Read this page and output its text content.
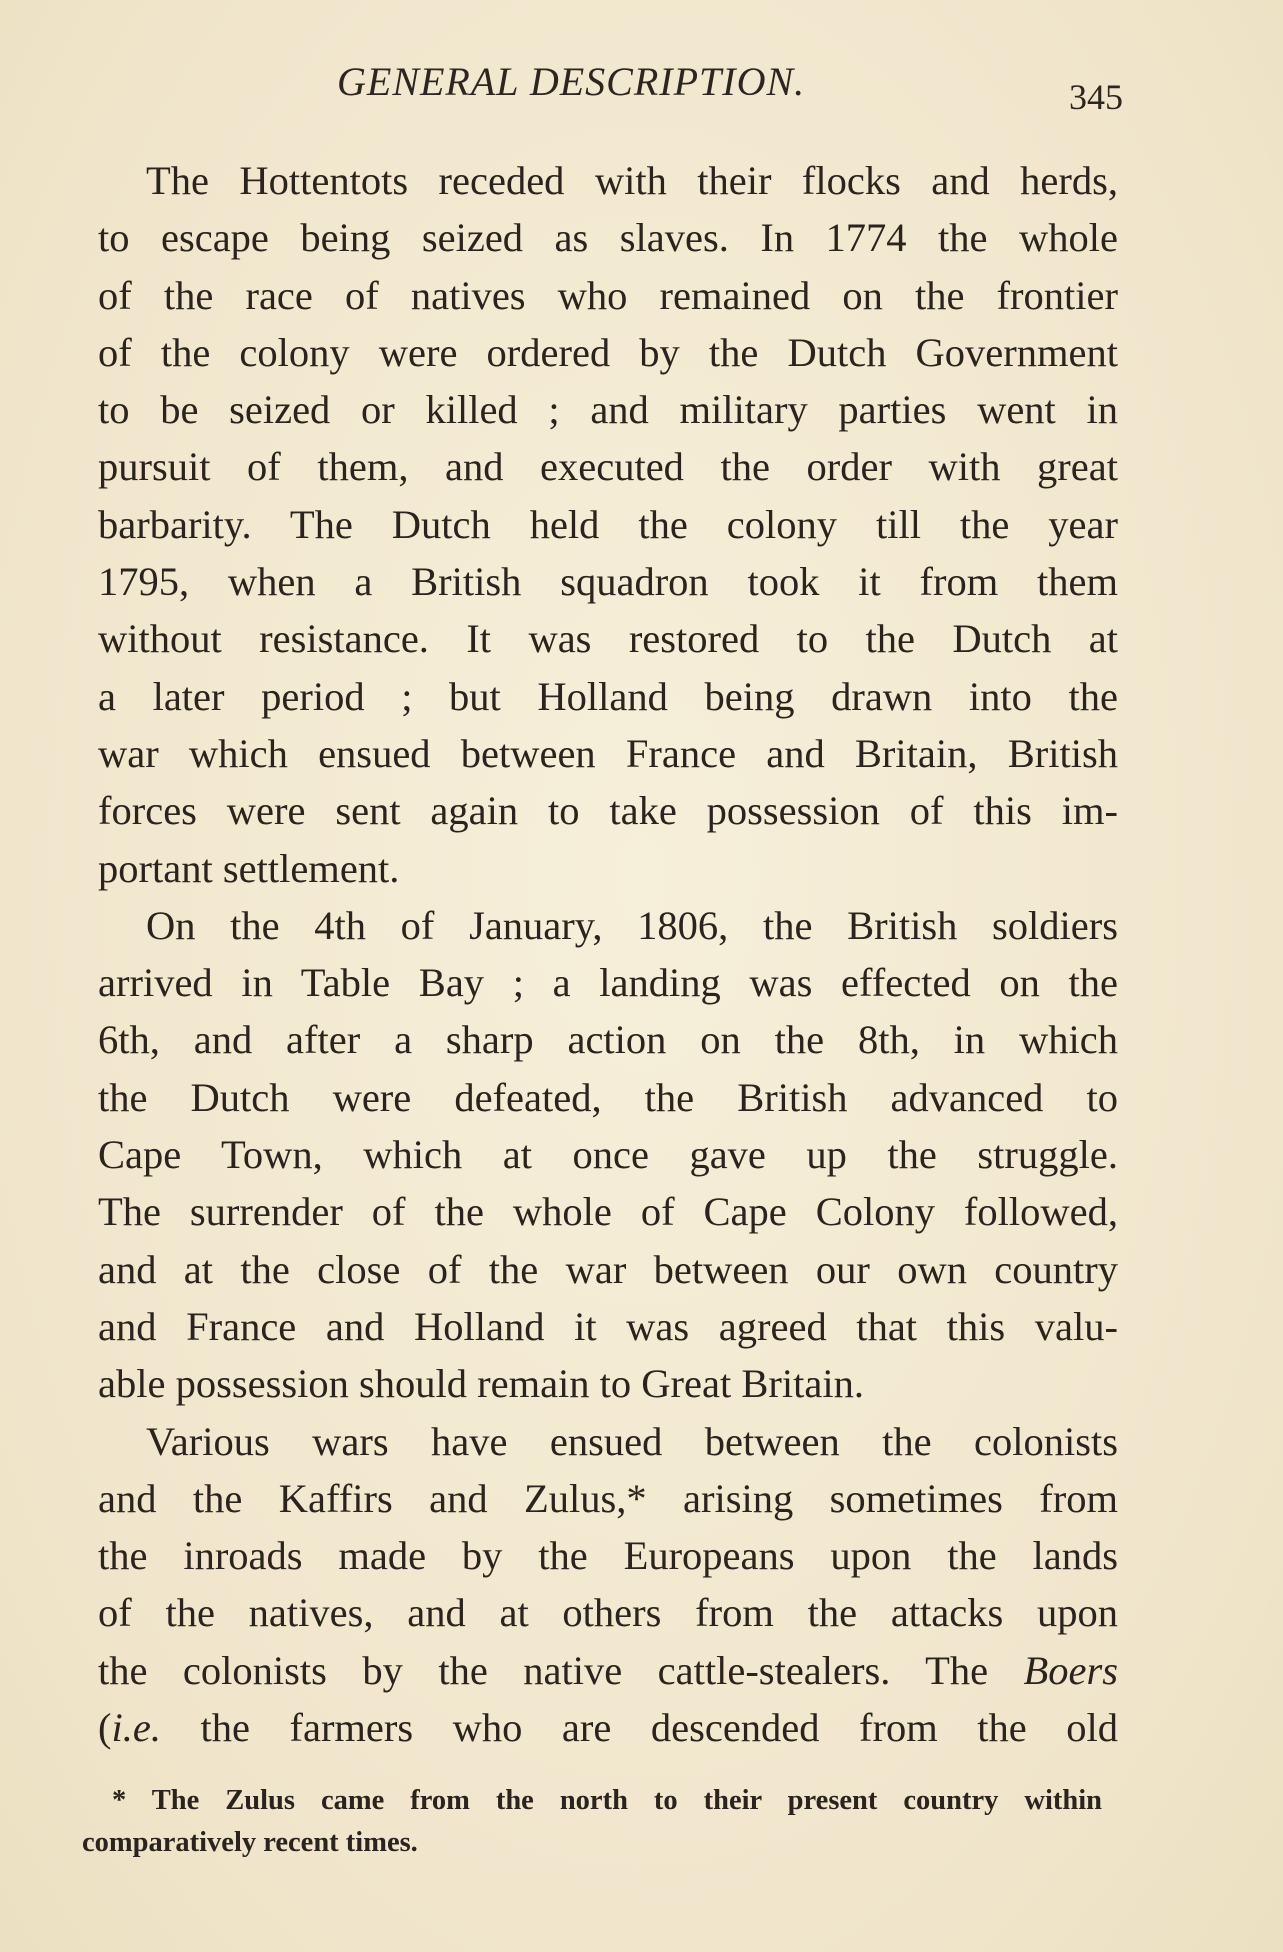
GENERAL DESCRIPTION.	345
The Hottentots receded with their flocks and herds,
to escape being seized as slaves. In 1774 the whole
of the race of natives who remained on the frontier
of the colony were ordered by the Dutch Government
to be seized or killed ; and military parties went in
pursuit of them, and executed the order with great
barbarity. The Dutch held the colony till the year
1795, when a British squadron took it from them
without resistance. It was restored to the Dutch at
a later period ; but Holland being drawn into the
war which ensued between France and Britain, British
forces were sent again to take possession of this im-
portant settlement.
On the 4th of January, 1806, the British soldiers
arrived in Table Bay ; a landing was effected on the
6th, and after a sharp action on the 8th, in which
the Dutch were defeated, the British advanced to
Cape Town, which at once gave up the struggle.
The surrender of the whole of Cape Colony followed,
and at the close of the war between our own country
and France and Holland it was agreed that this valu-
able possession should remain to Great Britain.
Various wars have ensued between the colonists
and the Kaffirs and Zulus,* arising sometimes from
the inroads made by the Europeans upon the lands
of the natives, and at others from the attacks upon
the colonists by the native cattle-stealers. The Boers
(i.e. the farmers who are descended from the old
* The Zulus came from the north to their present country within
comparatively recent times.
